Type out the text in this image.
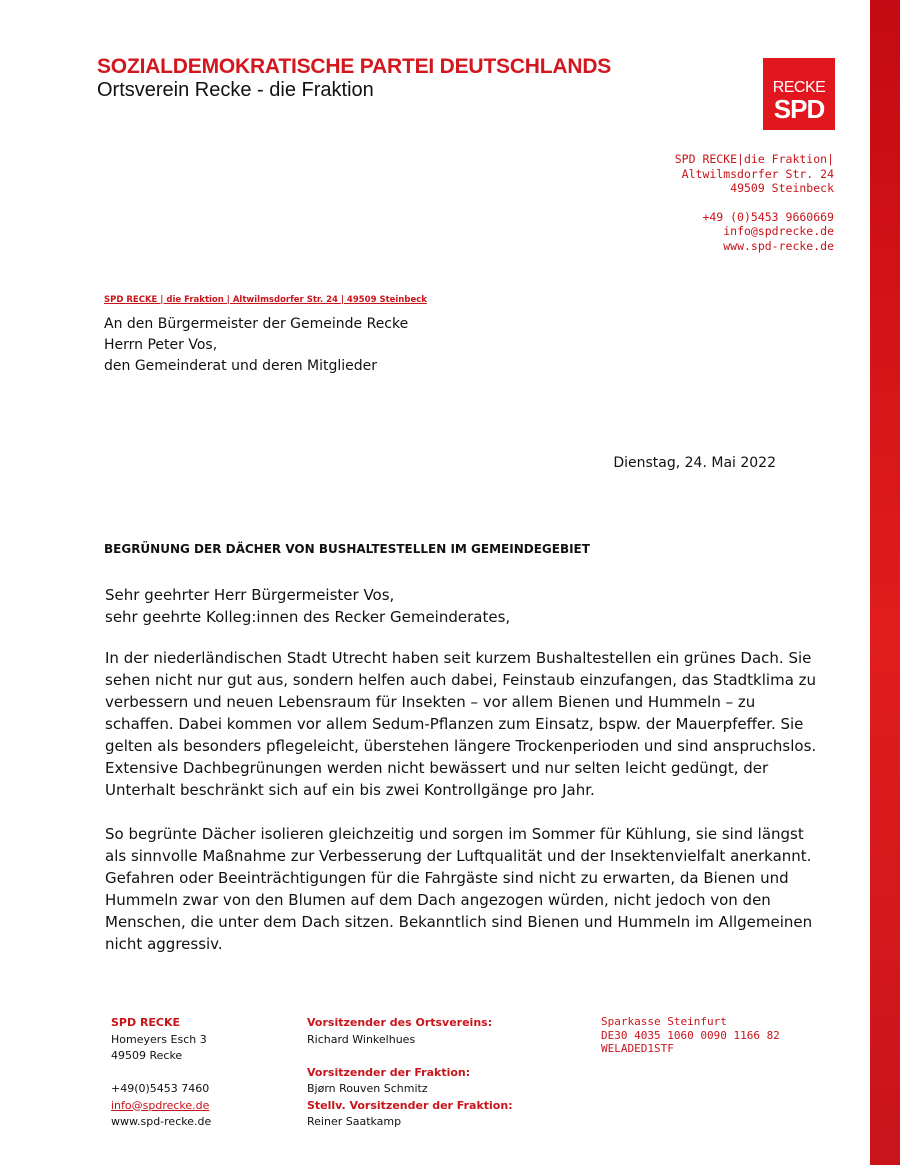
SOZIALDEMOKRATISCHE PARTEI DEUTSCHLANDS
Ortsverein Recke - die Fraktion	RECKE
SPD
SPD RECKE|die Fraktion|
Altwilmsdorfer Str. 24
49509 Steinbeck
+49 (0)5453 9660669
info@spdrecke.de
www.spd-recke.de
SPD RECKE | die Fraktion | Altwilmsdorfer Str. 24 | 49509 Steinbeck
An den Bürgermeister der Gemeinde Recke
Herrn Peter Vos,
den Gemeinderat und deren Mitglieder
Dienstag, 24. Mai 2022
BEGRÜNUNG DER DÄCHER VON BUSHALTESTELLEN IM GEMEINDEGEBIET
Sehr geehrter Herr Bürgermeister Vos,
sehr geehrte Kolleg:innen des Recker Gemeinderates,

In der niederländischen Stadt Utrecht haben seit kurzem Bushaltestellen ein grünes Dach. Sie sehen nicht nur gut aus, sondern helfen auch dabei, Feinstaub einzufangen, das Stadtklima zu verbessern und neuen Lebensraum für Insekten – vor allem Bienen und Hummeln – zu schaffen. Dabei kommen vor allem Sedum-Pflanzen zum Einsatz, bspw. der Mauerpfeffer. Sie gelten als besonders pflegeleicht, überstehen längere Trockenperioden und sind anspruchslos. Extensive Dachbegrünungen werden nicht bewässert und nur selten leicht gedüngt, der Unterhalt beschränkt sich auf ein bis zwei Kontrollgänge pro Jahr.

So begrünte Dächer isolieren gleichzeitig und sorgen im Sommer für Kühlung, sie sind längst als sinnvolle Maßnahme zur Verbesserung der Luftqualität und der Insektenvielfalt anerkannt. Gefahren oder Beeinträchtigungen für die Fahrgäste sind nicht zu erwarten, da Bienen und Hummeln zwar von den Blumen auf dem Dach angezogen würden, nicht jedoch von den Menschen, die unter dem Dach sitzen. Bekanntlich sind Bienen und Hummeln im Allgemeinen nicht aggressiv.

SPD RECKE
Homeyers Esch 3
49509 Recke
+49(0)5453 7460
info@spdrecke.de
www.spd-recke.de
Vorsitzender des Ortsvereins:
Richard Winkelhues
Vorsitzender der Fraktion:
Bjørn Rouven Schmitz
Stellv. Vorsitzender der Fraktion:
Reiner Saatkamp
Sparkasse Steinfurt
DE30 4035 1060 0090 1166 82
WELADED1STF
